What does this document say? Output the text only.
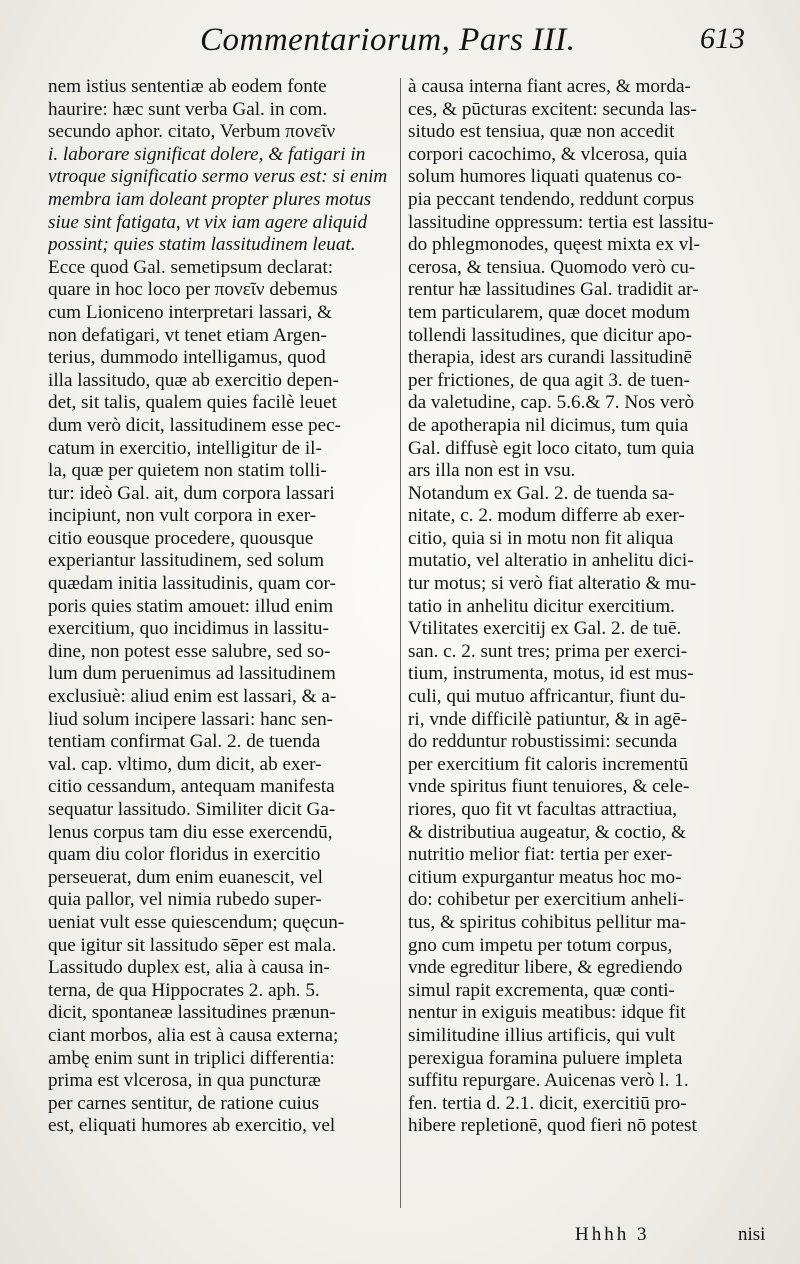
Commentariorum, Pars III.	613
nem istius sententiæ ab eodem fonte
haurire: hæc sunt verba Gal. in com.
secundo aphor. citato, Verbum πονεῖν
i. laborare significat dolere, & fatigari in
vtroque significatio sermo verus est: si enim
membra iam doleant propter plures motus
siue sint fatigata, vt vix iam agere aliquid
possint; quies statim lassitudinem leuat.
Ecce quod Gal. semetipsum declarat:
quare in hoc loco per πονεῖν debemus
cum Lioniceno interpretari lassari, &
non defatigari, vt tenet etiam Argen-
terius, dummodo intelligamus, quod
illa lassitudo, quæ ab exercitio depen-
det, sit talis, qualem quies facilè leuet
dum verò dicit, lassitudinem esse pec-
catum in exercitio, intelligitur de il-
la, quæ per quietem non statim tolli-
tur: ideò Gal. ait, dum corpora lassari
incipiunt, non vult corpora in exer-
citio eousque procedere, quousque
experiantur lassitudinem, sed solum
quædam initia lassitudinis, quam cor-
poris quies statim amouet: illud enim
exercitium, quo incidimus in lassitu-
dine, non potest esse salubre, sed so-
lum dum peruenimus ad lassitudinem
exclusiuè: aliud enim est lassari, & a-
liud solum incipere lassari: hanc sen-
tentiam confirmat Gal. 2. de tuenda
val. cap. vltimo, dum dicit, ab exer-
citio cessandum, antequam manifesta
sequatur lassitudo. Similiter dicit Ga-
lenus corpus tam diu esse exercendū,
quam diu color floridus in exercitio
perseuerat, dum enim euanescit, vel
quia pallor, vel nimia rubedo super-
ueniat vult esse quiescendum; quęcun-
que igitur sit lassitudo sēper est mala.
Lassitudo duplex est, alia à causa in-
terna, de qua Hippocrates 2. aph. 5.
dicit, spontaneæ lassitudines prænun-
ciant morbos, alia est à causa externa;
ambę enim sunt in triplici differentia:
prima est vlcerosa, in qua puncturæ
per carnes sentitur, de ratione cuius
est, eliquati humores ab exercitio, vel
à causa interna fiant acres, & morda-
ces, & pūcturas excitent: secunda las-
situdo est tensiua, quæ non accedit
corpori cacochimo, & vlcerosa, quia
solum humores liquati quatenus co-
pia peccant tendendo, reddunt corpus
lassitudine oppressum: tertia est lassitu-
do phlegmonodes, quęest mixta ex vl-
cerosa, & tensiua. Quomodo verò cu-
rentur hæ lassitudines Gal. tradidit ar-
tem particularem, quæ docet modum
tollendi lassitudines, que dicitur apo-
therapia, idest ars curandi lassitudinē
per frictiones, de qua agit 3. de tuen-
da valetudine, cap. 5.6.& 7. Nos verò
de apotherapia nil dicimus, tum quia
Gal. diffusè egit loco citato, tum quia
ars illa non est in vsu.
Notandum ex Gal. 2. de tuenda sa-
nitate, c. 2. modum differre ab exer-
citio, quia si in motu non fit aliqua
mutatio, vel alteratio in anhelitu dici-
tur motus; si verò fiat alteratio & mu-
tatio in anhelitu dicitur exercitium.
Vtilitates exercitij ex Gal. 2. de tuē.
san. c. 2. sunt tres; prima per exerci-
tium, instrumenta, motus, id est mus-
culi, qui mutuo affricantur, fiunt du-
ri, vnde difficilè patiuntur, & in agē-
do redduntur robustissimi: secunda
per exercitium fit caloris incrementū
vnde spiritus fiunt tenuiores, & cele-
riores, quo fit vt facultas attractiua,
& distributiua augeatur, & coctio, &
nutritio melior fiat: tertia per exer-
citium expurgantur meatus hoc mo-
do: cohibetur per exercitium anheli-
tus, & spiritus cohibitus pellitur ma-
gno cum impetu per totum corpus,
vnde egreditur libere, & egrediendo
simul rapit excrementa, quæ conti-
nentur in exiguis meatibus: idque fit
similitudine illius artificis, qui vult
perexigua foramina puluere impleta
suffitu repurgare. Auicenas verò l. 1.
fen. tertia d. 2.1. dicit, exercitiū pro-
hibere repletionē, quod fieri nō potest
Hhhh 3	nisi
